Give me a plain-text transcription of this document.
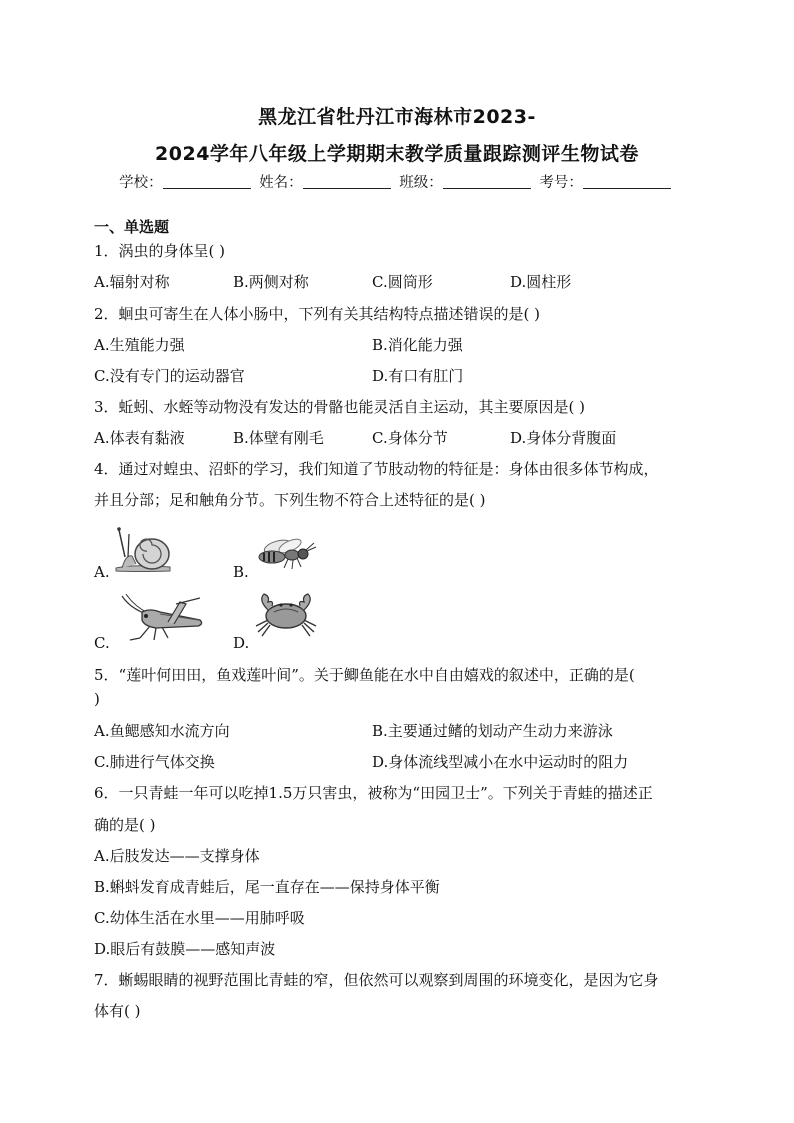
黑龙江省牡丹江市海林市2023-
2024学年八年级上学期期末教学质量跟踪测评生物试卷
学校：	姓名：	班级：	考号：
一、单选题
1．涡虫的身体呈( )
A.辐射对称	B.两侧对称	C.圆筒形	D.圆柱形
2．蛔虫可寄生在人体小肠中，下列有关其结构特点描述错误的是( )
A.生殖能力强	B.消化能力强
C.没有专门的运动器官	D.有口有肛门
3．蚯蚓、水蛭等动物没有发达的骨骼也能灵活自主运动，其主要原因是( )
A.体表有黏液	B.体壁有刚毛	C.身体分节	D.身体分背腹面
4．通过对蝗虫、沼虾的学习，我们知道了节肢动物的特征是：身体由很多体节构成，
并且分部；足和触角分节。下列生物不符合上述特征的是( )
A.	B.
C.	D.
5．“莲叶何田田，鱼戏莲叶间”。关于鲫鱼能在水中自由嬉戏的叙述中，正确的是(
)
A.鱼鳃感知水流方向	B.主要通过鳍的划动产生动力来游泳
C.肺进行气体交换	D.身体流线型减小在水中运动时的阻力
6．一只青蛙一年可以吃掉1.5万只害虫，被称为“田园卫士”。下列关于青蛙的描述正
确的是( )
A.后肢发达——支撑身体
B.蝌蚪发育成青蛙后，尾一直存在——保持身体平衡
C.幼体生活在水里——用肺呼吸
D.眼后有鼓膜——感知声波
7．蜥蜴眼睛的视野范围比青蛙的窄，但依然可以观察到周围的环境变化，是因为它身
体有( )
